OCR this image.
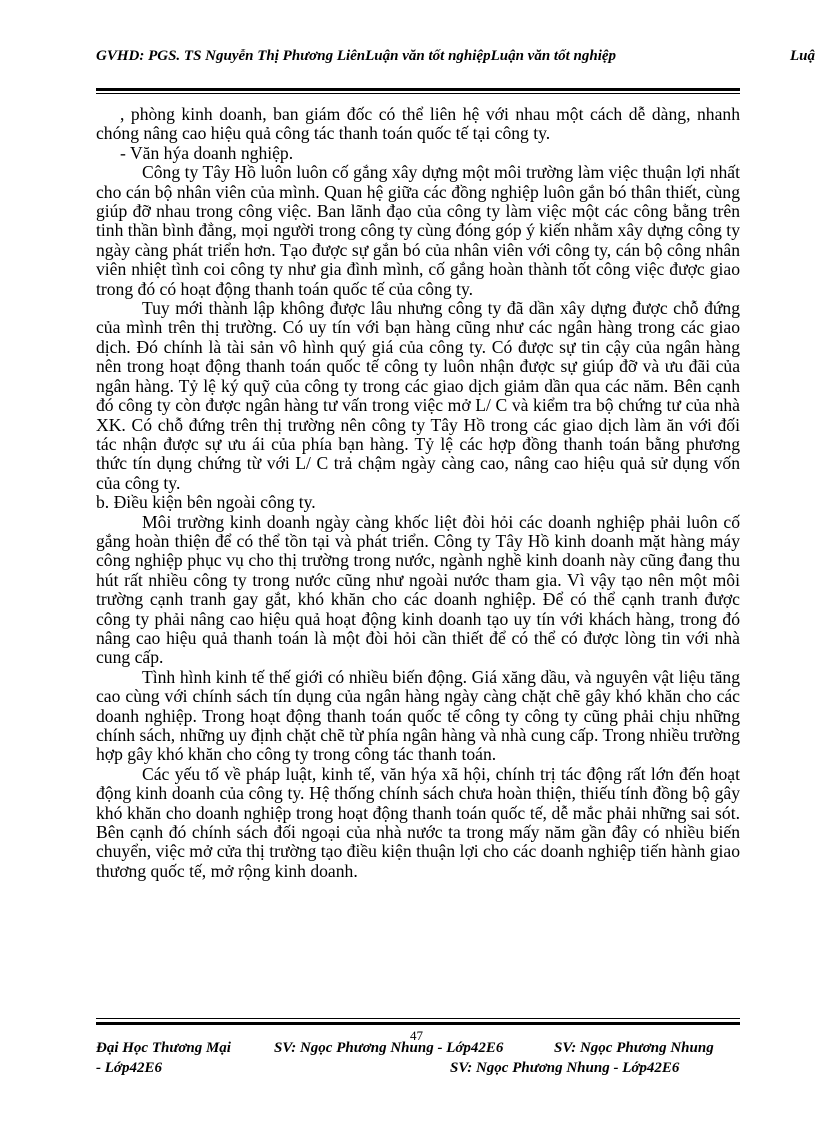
GVHD: PGS. TS Nguyễn Thị Phương LiênLuận văn tốt nghiệpLuận văn tốt nghiệp	Luậ

, phòng kinh doanh, ban giám đốc có thể liên hệ với nhau một cách dễ dàng, nhanh chóng nâng cao hiệu quả công tác thanh toán quốc tế tại công ty.

- Văn hýa doanh nghiệp.

Công ty Tây Hồ luôn luôn cố gắng xây dựng một môi trường làm việc thuận lợi nhất cho cán bộ nhân viên của mình. Quan hệ giữa các đồng nghiệp luôn gắn bó thân thiết, cùng giúp đỡ nhau trong công việc. Ban lãnh đạo của công ty làm việc một các công bằng trên tinh thần bình đẳng, mọi người trong công ty cùng đóng góp ý kiến nhằm xây dựng công ty ngày càng phát triển hơn. Tạo được sự gắn bó của nhân viên với công ty, cán bộ công nhân viên nhiệt tình coi công ty như gia đình mình, cố gắng hoàn thành tốt công việc được giao trong đó có hoạt động thanh toán quốc tế của công ty.

Tuy mới thành lập không được lâu nhưng công ty đã dần xây dựng được chỗ đứng của mình trên thị trường. Có uy tín với bạn hàng cũng như các ngân hàng trong các giao dịch. Đó chính là tài sản vô hình quý giá của công ty. Có được sự tin cậy của ngân hàng nên trong hoạt động thanh toán quốc tế công ty luôn nhận được sự giúp đỡ và ưu đãi của ngân hàng. Tỷ lệ ký quỹ của công ty trong các giao dịch giảm dần qua các năm. Bên cạnh đó công ty còn được ngân hàng tư vấn trong việc mở L/ C và kiểm tra bộ chứng tư của nhà XK. Có chỗ đứng trên thị trường nên công ty Tây Hồ trong các giao dịch làm ăn với đối tác nhận được sự ưu ái của phía bạn hàng. Tỷ lệ các hợp đồng thanh toán bằng phương thức tín dụng chứng từ với L/ C trả chậm ngày càng cao, nâng cao hiệu quả sử dụng vốn của công ty.

b. Điều kiện bên ngoài công ty.

Môi trường kinh doanh ngày càng khốc liệt đòi hỏi các doanh nghiệp phải luôn cố gắng hoàn thiện để có thể tồn tại và phát triển. Công ty Tây Hồ kinh doanh mặt hàng máy công nghiệp phục vụ cho thị trường trong nước, ngành nghề kinh doanh này cũng đang thu hút rất nhiều công ty trong nước cũng như ngoài nước tham gia. Vì vậy tạo nên một môi trường cạnh tranh gay gắt, khó khăn cho các doanh nghiệp. Để có thể cạnh tranh được công ty phải nâng cao hiệu quả hoạt động kinh doanh tạo uy tín với khách hàng, trong đó nâng cao hiệu quả thanh toán là một đòi hỏi cần thiết để có thể có được lòng tin với nhà cung cấp.

Tình hình kinh tế thế giới có nhiều biến động. Giá xăng dầu, và nguyên vật liệu tăng cao cùng với chính sách tín dụng của ngân hàng ngày càng chặt chẽ gây khó khăn cho các doanh nghiệp. Trong hoạt động thanh toán quốc tế công ty công ty cũng phải chịu những chính sách, những uy định chặt chẽ từ phía ngân hàng và nhà cung cấp. Trong nhiều trường hợp gây khó khăn cho công ty trong công tác thanh toán.

Các yếu tố về pháp luật, kinh tế, văn hýa xã hội, chính trị tác động rất lớn đến hoạt động kinh doanh của công ty. Hệ thống chính sách chưa hoàn thiện, thiếu tính đồng bộ gây khó khăn cho doanh nghiệp trong hoạt động thanh toán quốc tế, dễ mắc phải những sai sót. Bên cạnh đó chính sách đối ngoại của nhà nước ta trong mấy năm gần đây có nhiều biến chuyển, việc mở cửa thị trường tạo điều kiện thuận lợi cho các doanh nghiệp tiến hành giao thương quốc tế, mở rộng kinh doanh.

47
Đại Học Thương Mại	SV: Ngọc Phương Nhung - Lớp42E6	SV: Ngọc Phương Nhung
- Lớp42E6	SV: Ngọc Phương Nhung - Lớp42E6
